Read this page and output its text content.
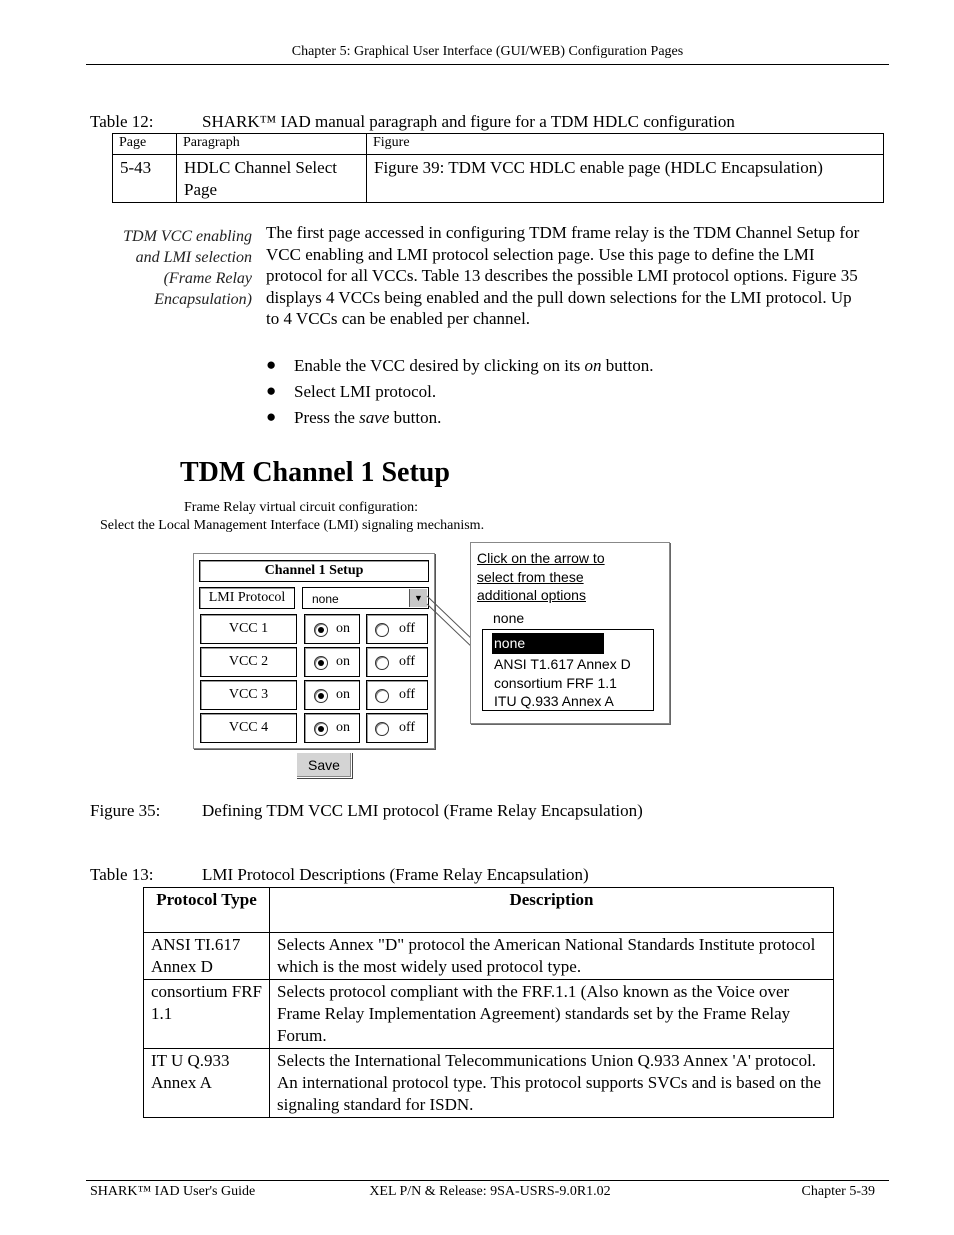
Chapter 5: Graphical User Interface (GUI/WEB) Configuration Pages
Table 12:	SHARK™ IAD manual paragraph and figure for a TDM HDLC configuration
Page	Paragraph	Figure
5-43	HDLC Channel Select Page	Figure 39: TDM VCC HDLC enable page (HDLC Encapsulation)
TDM VCC enabling
and LMI selection
(Frame Relay
Encapsulation)
The first page accessed in configuring TDM frame relay is the TDM Channel Setup for VCC enabling and LMI protocol selection page. Use this page to define the LMI protocol for all VCCs. Table 13 describes the possible LMI protocol options. Figure 35 displays 4 VCCs being enabled and the pull down selections for the LMI protocol. Up to 4 VCCs can be enabled per channel.
● Enable the VCC desired by clicking on its on button.
● Select LMI protocol.
● Press the save button.
TDM Channel 1 Setup
Frame Relay virtual circuit configuration:
Select the Local Management Interface (LMI) signaling mechanism.
Channel 1 Setup
LMI Protocol	none	▼
VCC 1	on	off
VCC 2	on	off
VCC 3	on	off
VCC 4	on	off
Click on the arrow to
select from these
additional options
none
none
ANSI T1.617 Annex D
consortium FRF 1.1
ITU Q.933 Annex A
Save
Figure 35: Defining TDM VCC LMI protocol (Frame Relay Encapsulation)
Table 13:	LMI Protocol Descriptions (Frame Relay Encapsulation)
Protocol Type	Description
ANSI TI.617 Annex D	Selects Annex "D" protocol the American National Standards Institute protocol which is the most widely used protocol type.
consortium FRF 1.1	Selects protocol compliant with the FRF.1.1 (Also known as the Voice over Frame Relay Implementation Agreement) standards set by the Frame Relay Forum.
IT U Q.933 Annex A	Selects the International Telecommunications Union Q.933 Annex 'A' protocol. An international protocol type. This protocol supports SVCs and is based on the signaling standard for ISDN.
SHARK™ IAD User's Guide	XEL P/N & Release: 9SA-USRS-9.0R1.02	Chapter 5-39
